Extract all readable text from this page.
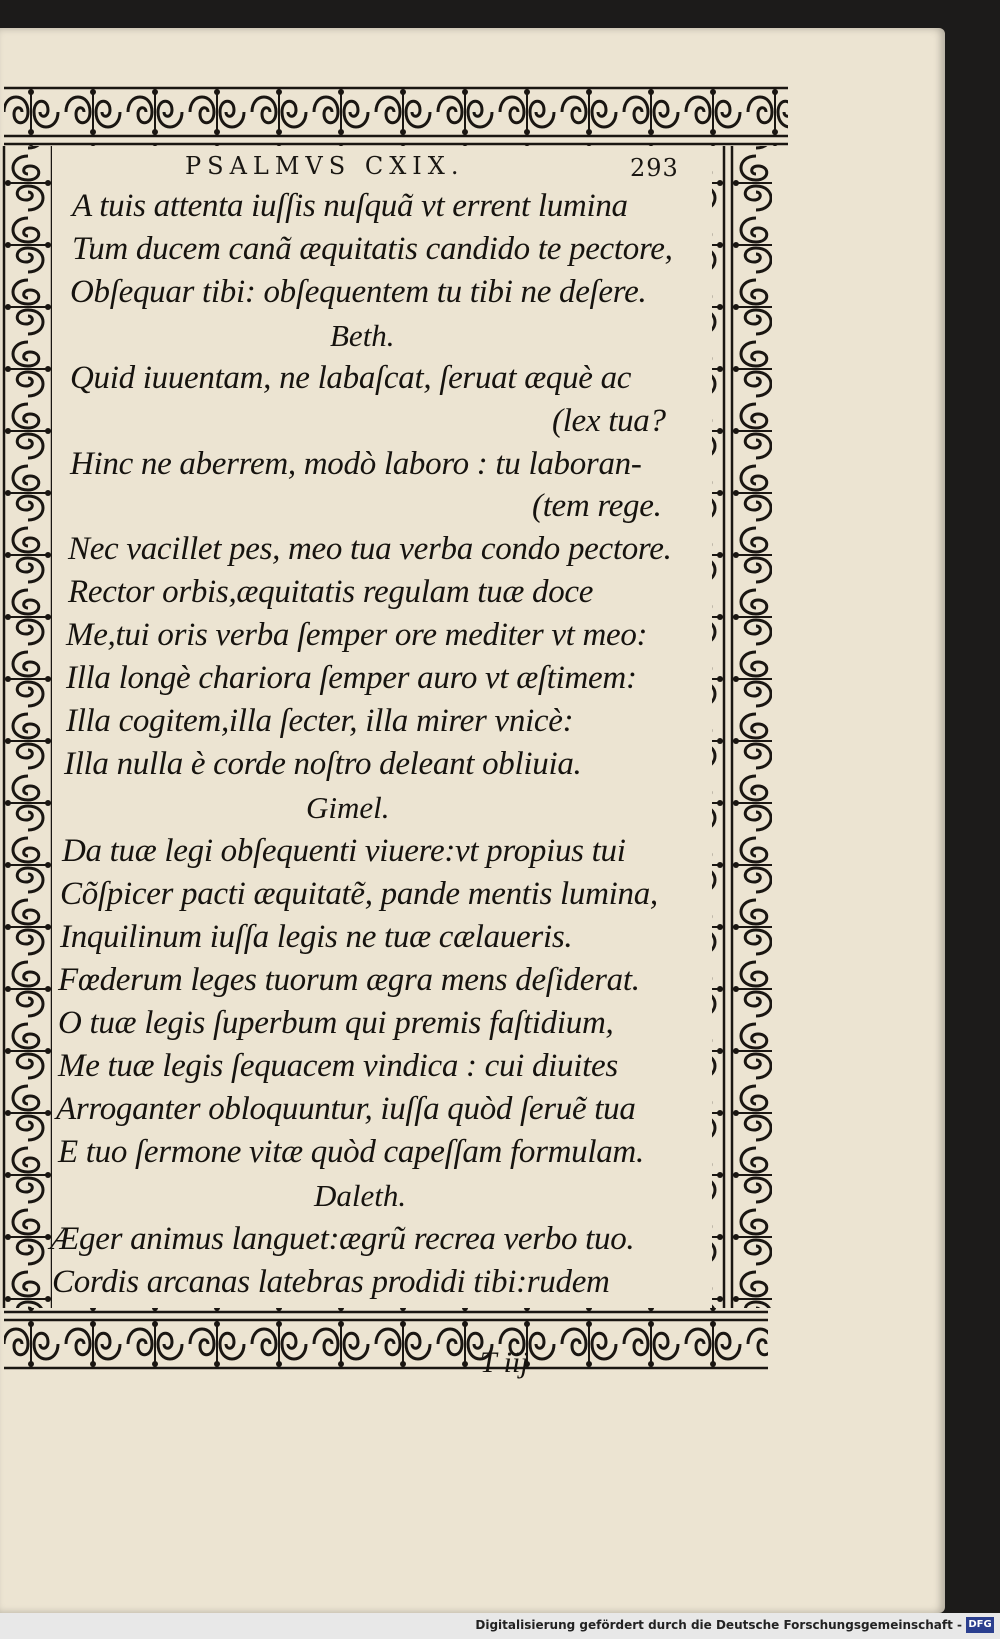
PSALMVS CXIX.	293
A tuis attenta iuſſis nuſquã vt errent lumina
Tum ducem canã æquitatis candido te pectore,
Obſequar tibi: obſequentem tu tibi ne deſere.
Beth.
Quid iuuentam, ne labaſcat, ſeruat æquè ac
(lex tua?
Hinc ne aberrem, modò laboro : tu laboran-
(tem rege.
Nec vacillet pes, meo tua verba condo pectore.
Rector orbis,æquitatis regulam tuæ doce
Me,tui oris verba ſemper ore mediter vt meo:
Illa longè chariora ſemper auro vt æſtimem:
Illa cogitem,illa ſecter, illa mirer vnicè:
Illa nulla è corde noſtro deleant obliuia.
Gimel.
Da tuæ legi obſequenti viuere:vt propius tui
Cõſpicer pacti æquitatẽ, pande mentis lumina,
Inquilinum iuſſa legis ne tuæ cælaueris.
Fœderum leges tuorum ægra mens deſiderat.
O tuæ legis ſuperbum qui premis faſtidium,
Me tuæ legis ſequacem vindica : cui diuites
Arroganter obloquuntur, iuſſa quòd ſeruẽ tua
E tuo ſermone vitæ quòd capeſſam formulam.
Daleth.
Æger animus languet:ægrũ recrea verbo tuo.
Cordis arcanas latebras prodidi tibi:rudem
T iij
Digitalisierung gefördert durch die Deutsche Forschungsgemeinschaft - DFG
